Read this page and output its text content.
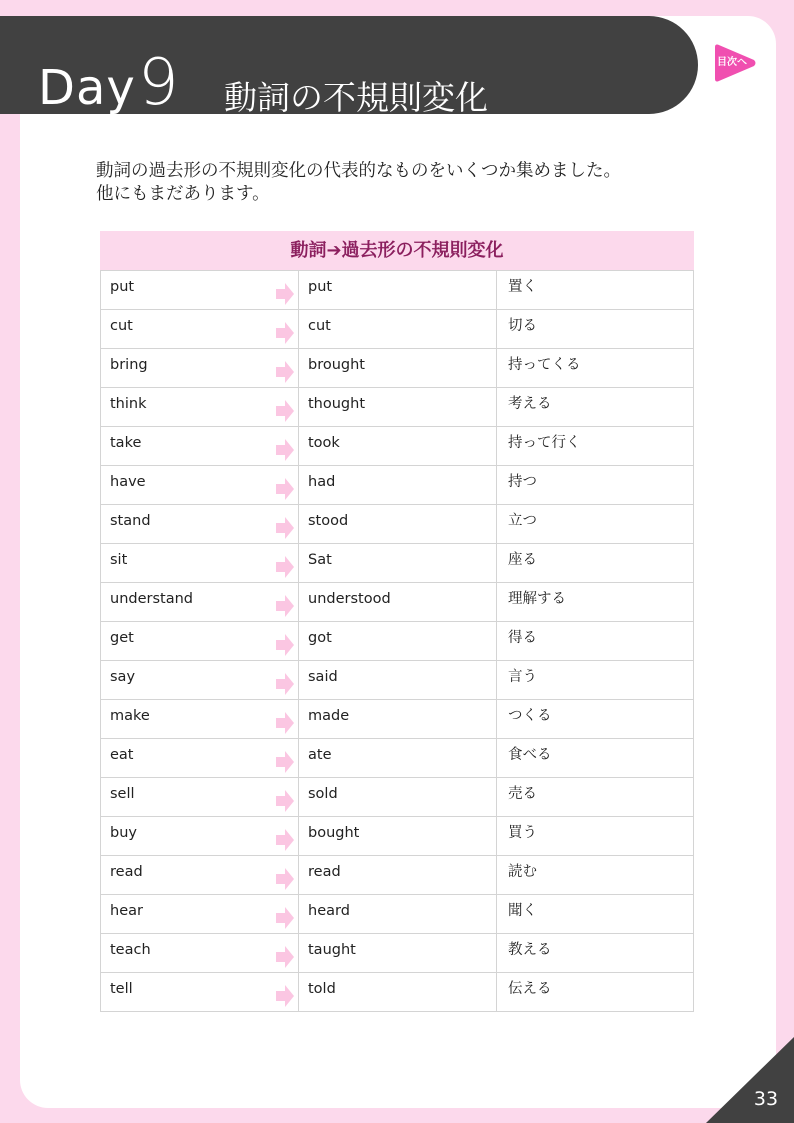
Day 9 動詞の不規則変化
目次へ
動詞の過去形の不規則変化の代表的なものをいくつか集めました。
他にもまだあります。
動詞➔過去形の不規則変化
put	put	置く
cut	cut	切る
bring	brought	持ってくる
think	thought	考える
take	took	持って行く
have	had	持つ
stand	stood	立つ
sit	Sat	座る
understand	understood	理解する
get	got	得る
say	said	言う
make	made	つくる
eat	ate	食べる
sell	sold	売る
buy	bought	買う
read	read	読む
hear	heard	聞く
teach	taught	教える
tell	told	伝える
33
